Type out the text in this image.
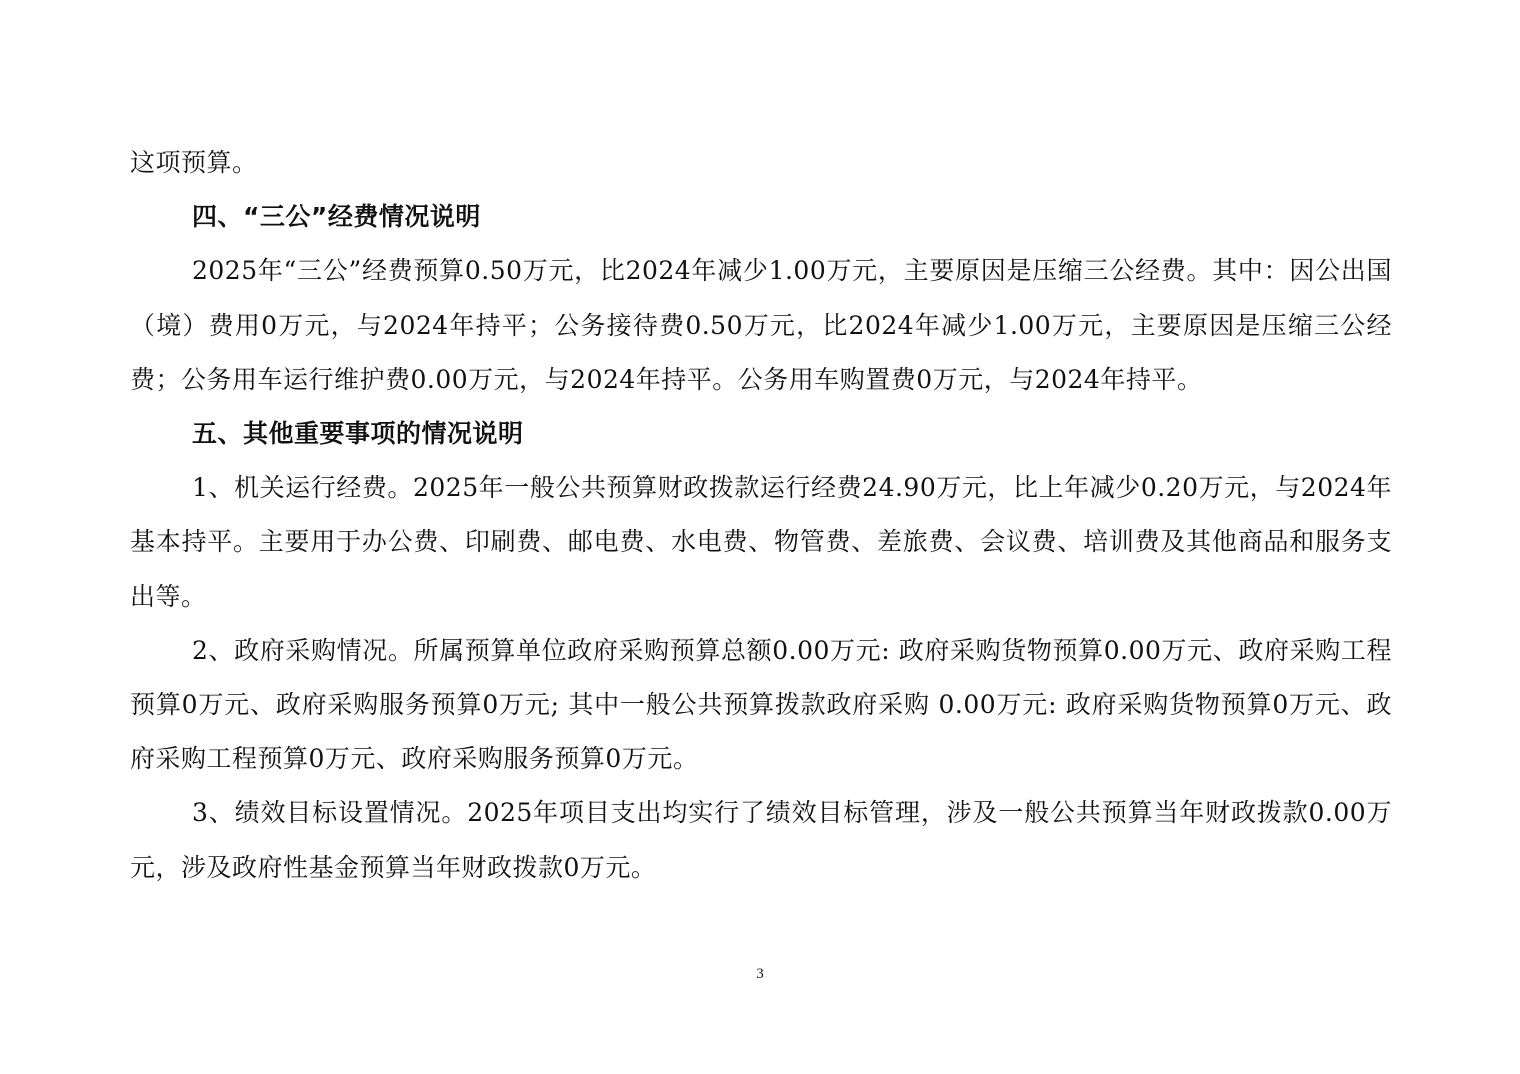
这项预算。

四、“三公”经费情况说明

2025年“三公”经费预算0.50万元，比2024年减少1.00万元，主要原因是压缩三公经费。其中：因公出国（境）费用0万元，与2024年持平；公务接待费0.50万元，比2024年减少1.00万元，主要原因是压缩三公经费；公务用车运行维护费0.00万元，与2024年持平。公务用车购置费0万元，与2024年持平。

五、其他重要事项的情况说明

1、机关运行经费。2025年一般公共预算财政拨款运行经费24.90万元，比上年减少0.20万元，与2024年基本持平。主要用于办公费、印刷费、邮电费、水电费、物管费、差旅费、会议费、培训费及其他商品和服务支出等。

2、政府采购情况。所属预算单位政府采购预算总额0.00万元: 政府采购货物预算0.00万元、政府采购工程预算0万元、政府采购服务预算0万元; 其中一般公共预算拨款政府采购 0.00万元: 政府采购货物预算0万元、政府采购工程预算0万元、政府采购服务预算0万元。

3、绩效目标设置情况。2025年项目支出均实行了绩效目标管理，涉及一般公共预算当年财政拨款0.00万元，涉及政府性基金预算当年财政拨款0万元。

3
